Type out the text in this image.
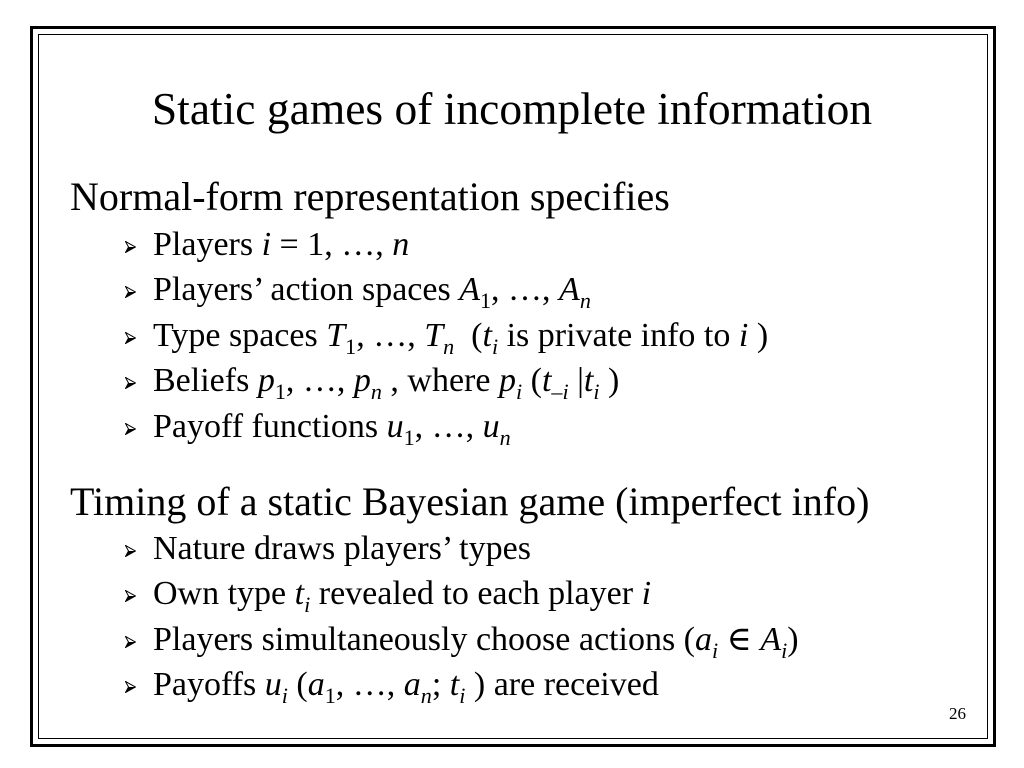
Static games of incomplete information
Normal-form representation specifies
Players i = 1, …, n
Players’ action spaces A 1 , …, A n
Type spaces T 1 , …, T n ( t i is private info to i )
Beliefs p 1 , …, p n , where p i ( t –i | t i )
Payoff functions u 1 , …, u n
Timing of a static Bayesian game (imperfect info)
Nature draws players’ types
Own type t i revealed to each player i
Players simultaneously choose actions ( a i ∈ A i )
Payoffs u i ( a 1 , …, a n ; t i ) are received
26
